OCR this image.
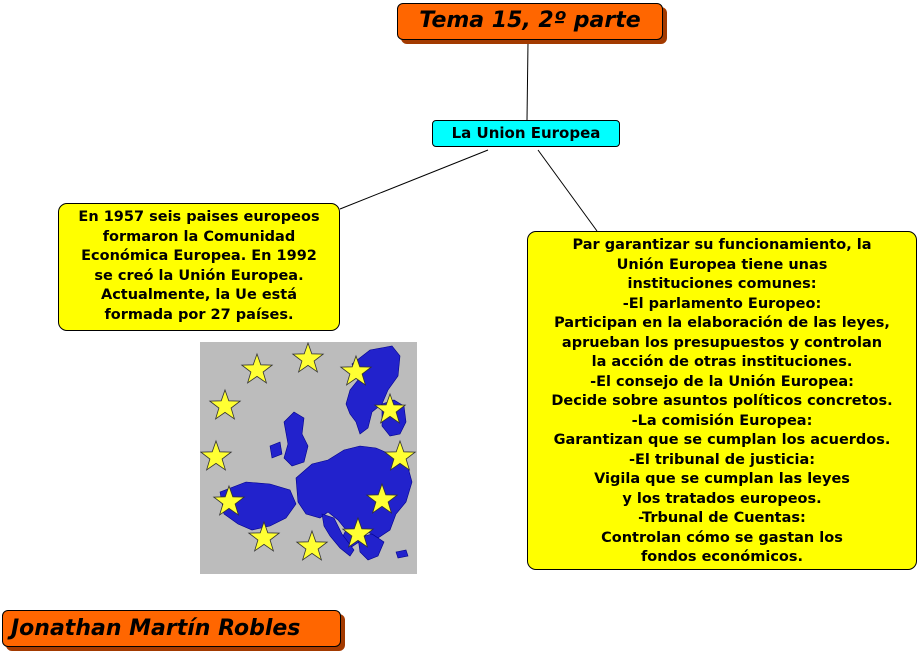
Tema 15, 2º parte
La Union Europea
En 1957 seis paises europeos
formaron la Comunidad
Económica Europea. En 1992
se creó la Unión Europea.
Actualmente, la Ue está
formada por 27 países.
Par garantizar su funcionamiento, la
Unión Europea tiene unas
instituciones comunes:
-El parlamento Europeo:
Participan en la elaboración de las leyes,
aprueban los presupuestos y controlan
la acción de otras instituciones.
-El consejo de la Unión Europea:
Decide sobre asuntos políticos concretos.
-La comisión Europea:
Garantizan que se cumplan los acuerdos.
-El tribunal de justicia:
Vigila que se cumplan las leyes
y los tratados europeos.
-Trbunal de Cuentas:
Controlan cómo se gastan los
fondos económicos.
Jonathan Martín Robles
